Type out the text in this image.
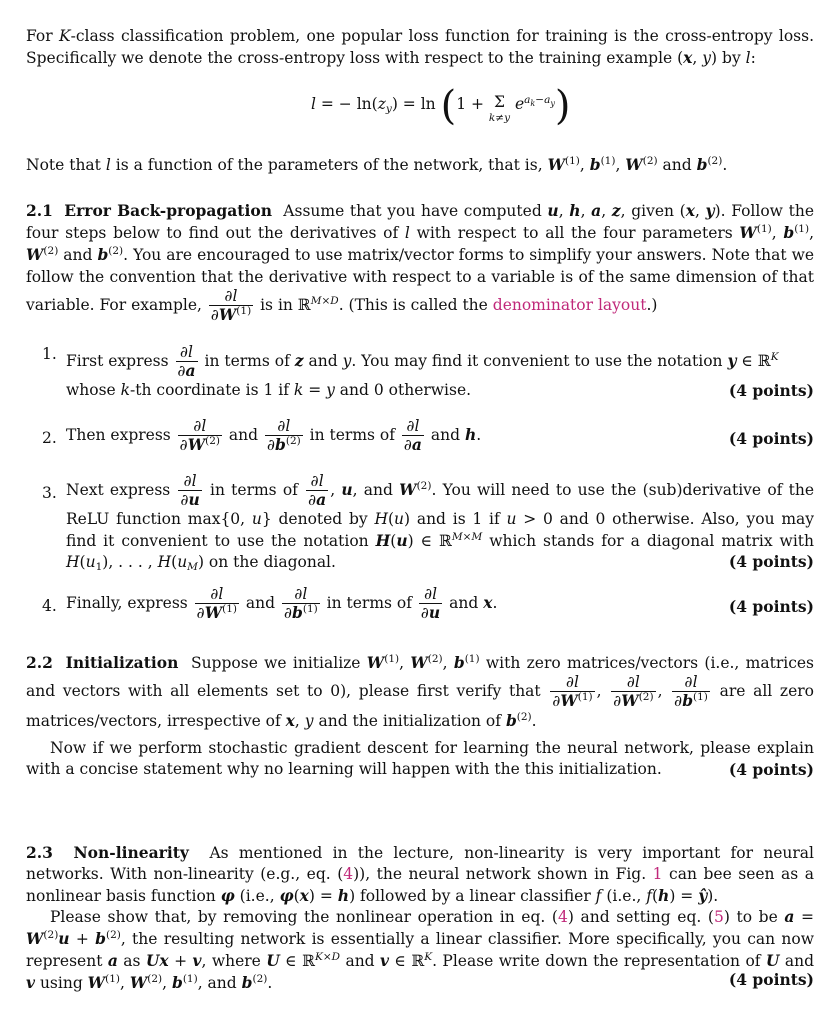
For K-class classification problem, one popular loss function for training is the cross-entropy loss. Specifically we denote the cross-entropy loss with respect to the training example (x, y) by l:

l = − $\ln(z_y) = \ln (1 + \Sigma$
k≠y $e^{a_k-a_y}$)

Note that l is a function of the parameters of the network, that is, $W^{(1)}$, $b^{(1)}$, $W^{(2)}$ and $b^{(2)}$.

2.1 Error Back-propagation  Assume that you have computed u, h, a, z, given (x, y). Follow the four steps below to find out the derivatives of l with respect to all the four parameters $W^{(1)}$, $b^{(1)}$, $W^{(2)}$ and $b^{(2)}$. You are encouraged to use matrix/vector forms to simplify your answers. Note that we follow the convention that the derivative with respect to a variable is of the same dimension of that variable. For example, $\frac{\partial l}{\partial W^{(1)}}$ is in ℝ$^{M\times D}$. (This is called the denominator layout.)

1. First express $\frac{\partial l}{\partial a}$ in terms of z and y. You may find it convenient to use the notation y ∈ ℝ$^K$ whose k-th coordinate is 1 if k = y and 0 otherwise.	(4 points)
2. Then express $\frac{\partial l}{\partial W^{(2)}}$ and $\frac{\partial l}{\partial b^{(2)}}$ in terms of $\frac{\partial l}{\partial a}$ and h.	(4 points)
3. Next express $\frac{\partial l}{\partial u}$ in terms of $\frac{\partial l}{\partial a}$ , u, and $W^{(2)}$. You will need to use the (sub)derivative of the ReLU function max{0, u} denoted by H(u) and is 1 if u > 0 and 0 otherwise. Also, you may find it convenient to use the notation H(u) ∈ ℝ$^{M\times M}$ which stands for a diagonal matrix with $H(u_1)$, . . . , $H(u_M)$ on the diagonal.	(4 points)
4. Finally, express $\frac{\partial l}{\partial W^{(1)}}$ and $\frac{\partial l}{\partial b^{(1)}}$ in terms of $\frac{\partial l}{\partial u}$ and x.	(4 points)

2.2 Initialization  Suppose we initialize $W^{(1)}$, $W^{(2)}$, $b^{(1)}$ with zero matrices/vectors (i.e., matrices and vectors with all elements set to 0), please first verify that $\frac{\partial l}{\partial W^{(1)}}$ , $\frac{\partial l}{\partial W^{(2)}}$ , $\frac{\partial l}{\partial b^{(1)}}$ are all zero matrices/vectors, irrespective of x, y and the initialization of $b^{(2)}$.

Now if we perform stochastic gradient descent for learning the neural network, please explain with a concise statement why no learning will happen with the this initialization.	(4 points)

2.3 Non-linearity  As mentioned in the lecture, non-linearity is very important for neural networks. With non-linearity (e.g., eq. (4)), the neural network shown in Fig. 1 can bee seen as a nonlinear basis function φ (i.e., φ(x) = h) followed by a linear classifier f (i.e., f(h) = ŷ).

Please show that, by removing the nonlinear operation in eq. (4) and setting eq. (5) to be $a = W^{(2)}u + b^{(2)}$, the resulting network is essentially a linear classifier. More specifically, you can now represent a as Ux + v, where U ∈ ℝ$^{K\times D}$ and v ∈ ℝ$^K$. Please write down the representation of U and v using $W^{(1)}$, $W^{(2)}$, $b^{(1)}$, and $b^{(2)}$.	(4 points)
